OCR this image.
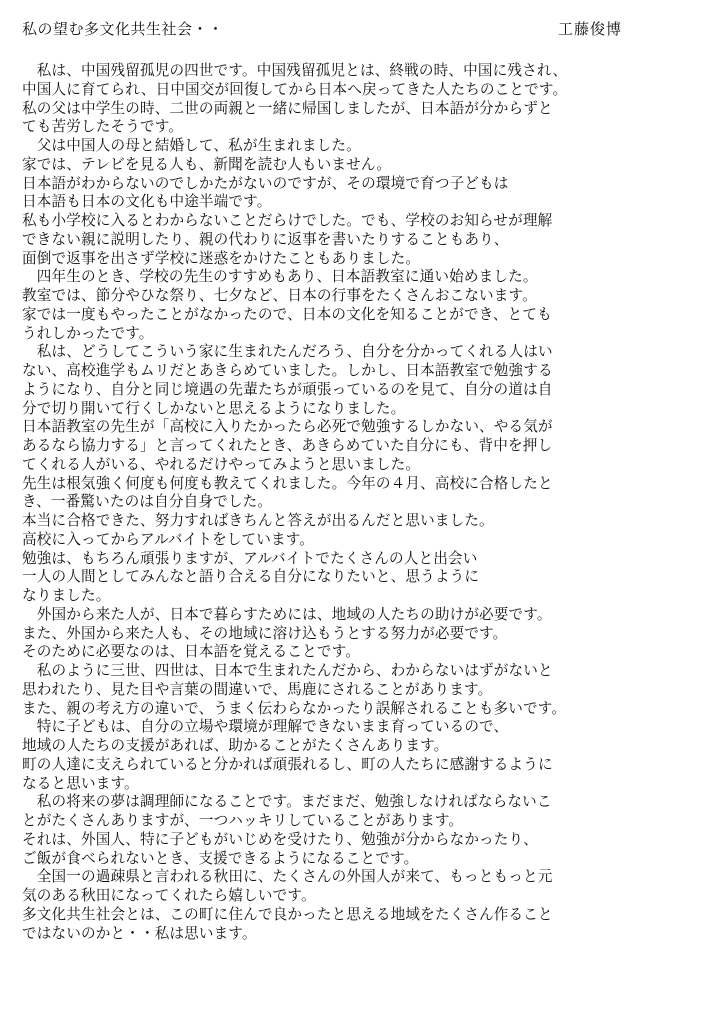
私の望む多文化共生社会・・	工藤俊博
　私は、中国残留孤児の四世です。中国残留孤児とは、終戦の時、中国に残され、
中国人に育てられ、日中国交が回復してから日本へ戻ってきた人たちのことです。
私の父は中学生の時、二世の両親と一緒に帰国しましたが、日本語が分からずと
ても苦労したそうです。
　父は中国人の母と結婚して、私が生まれました。
家では、テレビを見る人も、新聞を読む人もいません。
日本語がわからないのでしかたがないのですが、その環境で育つ子どもは
日本語も日本の文化も中途半端です。
私も小学校に入るとわからないことだらけでした。でも、学校のお知らせが理解
できない親に説明したり、親の代わりに返事を書いたりすることもあり、
面倒で返事を出さず学校に迷惑をかけたこともありました。
　四年生のとき、学校の先生のすすめもあり、日本語教室に通い始めました。
教室では、節分やひな祭り、七夕など、日本の行事をたくさんおこないます。
家では一度もやったことがなかったので、日本の文化を知ることができ、とても
うれしかったです。
　私は、どうしてこういう家に生まれたんだろう、自分を分かってくれる人はい
ない、高校進学もムリだとあきらめていました。しかし、日本語教室で勉強する
ようになり、自分と同じ境遇の先輩たちが頑張っているのを見て、自分の道は自
分で切り開いて行くしかないと思えるようになりました。
日本語教室の先生が「高校に入りたかったら必死で勉強するしかない、やる気が
あるなら協力する」と言ってくれたとき、あきらめていた自分にも、背中を押し
てくれる人がいる、やれるだけやってみようと思いました。
先生は根気強く何度も何度も教えてくれました。今年の４月、高校に合格したと
き、一番驚いたのは自分自身でした。
本当に合格できた、努力すればきちんと答えが出るんだと思いました。
高校に入ってからアルバイトをしています。
勉強は、もちろん頑張りますが、アルバイトでたくさんの人と出会い
一人の人間としてみんなと語り合える自分になりたいと、思うように
なりました。
　外国から来た人が、日本で暮らすためには、地域の人たちの助けが必要です。
また、外国から来た人も、その地域に溶け込もうとする努力が必要です。
そのために必要なのは、日本語を覚えることです。
　私のように三世、四世は、日本で生まれたんだから、わからないはずがないと
思われたり、見た目や言葉の間違いで、馬鹿にされることがあります。
また、親の考え方の違いで、うまく伝わらなかったり誤解されることも多いです。
　特に子どもは、自分の立場や環境が理解できないまま育っているので、
地域の人たちの支援があれば、助かることがたくさんあります。
町の人達に支えられていると分かれば頑張れるし、町の人たちに感謝するように
なると思います。
　私の将来の夢は調理師になることです。まだまだ、勉強しなければならないこ
とがたくさんありますが、一つハッキリしていることがあります。
それは、外国人、特に子どもがいじめを受けたり、勉強が分からなかったり、
ご飯が食べられないとき、支援できるようになることです。
　全国一の過疎県と言われる秋田に、たくさんの外国人が来て、もっともっと元
気のある秋田になってくれたら嬉しいです。
多文化共生社会とは、この町に住んで良かったと思える地域をたくさん作ること
ではないのかと・・私は思います。
